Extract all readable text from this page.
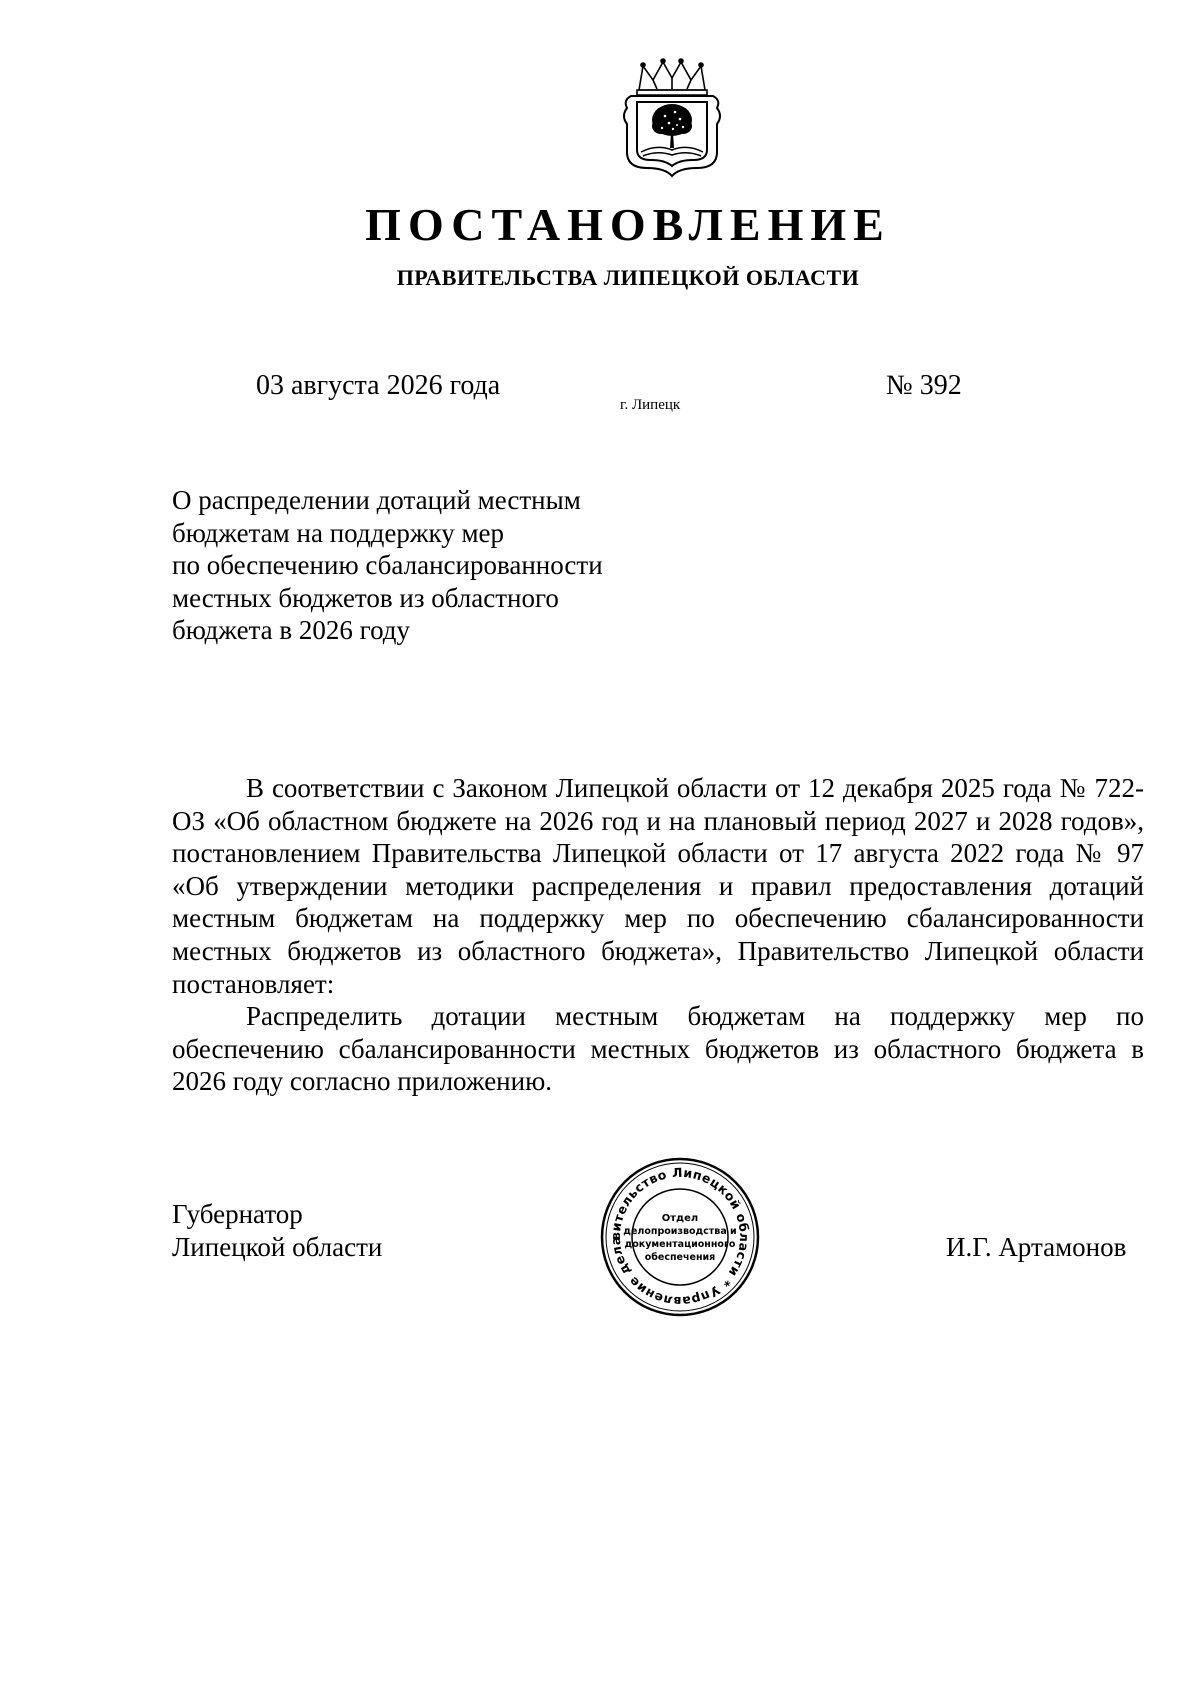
ПОСТАНОВЛЕНИЕ
ПРАВИТЕЛЬСТВА ЛИПЕЦКОЙ ОБЛАСТИ
03 августа 2026 года
г. Липецк
№ 392
О распределении дотаций местным
бюджетам на поддержку мер
по обеспечению сбалансированности
местных бюджетов из областного
бюджета в 2026 году

В соответствии с Законом Липецкой области от 12 декабря 2025 года № 722-ОЗ «Об областном бюджете на 2026 год и на плановый период 2027 и 2028 годов», постановлением Правительства Липецкой области от 17 августа 2022 года № 97 «Об утверждении методики распределения и правил предоставления дотаций местным бюджетам на поддержку мер по обеспечению сбалансированности местных бюджетов из областного бюджета», Правительство Липецкой области постановляет:

Распределить дотации местным бюджетам на поддержку мер по обеспечению сбалансированности местных бюджетов из областного бюджета в 2026 году согласно приложению.

Губернатор
Липецкой области	вительство Липецкой области * Управление дела
Отдел
делопроизводства и
документационного
обеспечения	И.Г. Артамонов
